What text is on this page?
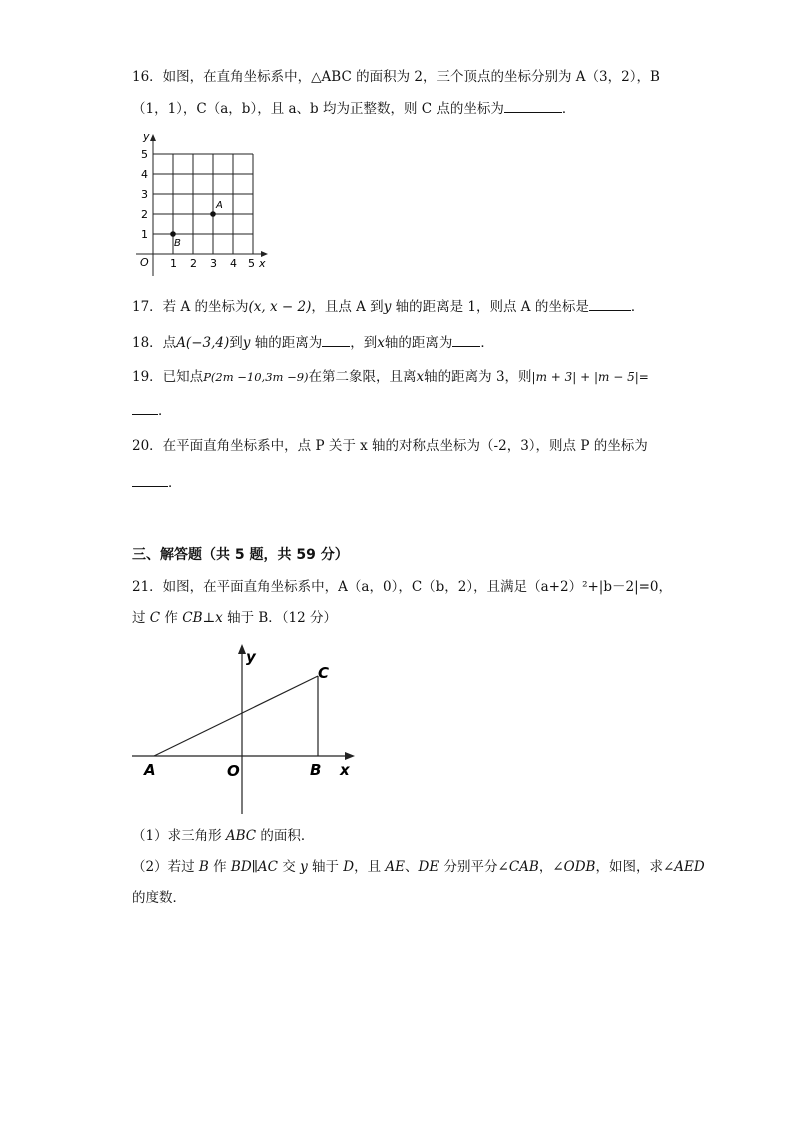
16．如图，在直角坐标系中，△ABC 的面积为 2，三个顶点的坐标分别为 A（3，2），B
（1，1），C（a，b），且 a、b 均为正整数，则 C 点的坐标为	．
y
x
O
5
4
3
2
1
1 2 3 4 5
A
B
17．若 A 的坐标为(x, x − 2)，且点 A 到y 轴的距离是 1，则点 A 的坐标是	．
18．点A(−3,4)到y 轴的距离为 ，到x轴的距离为 ．
19．已知点P(2m −10,3m −9)在第二象限，且离x轴的距离为 3，则|m + 3| + |m − 5|=
．
20．在平面直角坐标系中，点 P 关于 x 轴的对称点坐标为（-2，3），则点 P 的坐标为
．
三、解答题（共 5 题，共 59 分）
21．如图，在平面直角坐标系中，A（a，0），C（b，2），且满足（a+2）²+|b－2|=0，
过 C 作 CB⊥x 轴于 B．（12 分）
y
x
A	O	B
C
（1）求三角形 ABC 的面积．
（2）若过 B 作 BD∥AC 交 y 轴于 D，且 AE、DE 分别平分∠CAB，∠ODB，如图，求∠AED
的度数．
